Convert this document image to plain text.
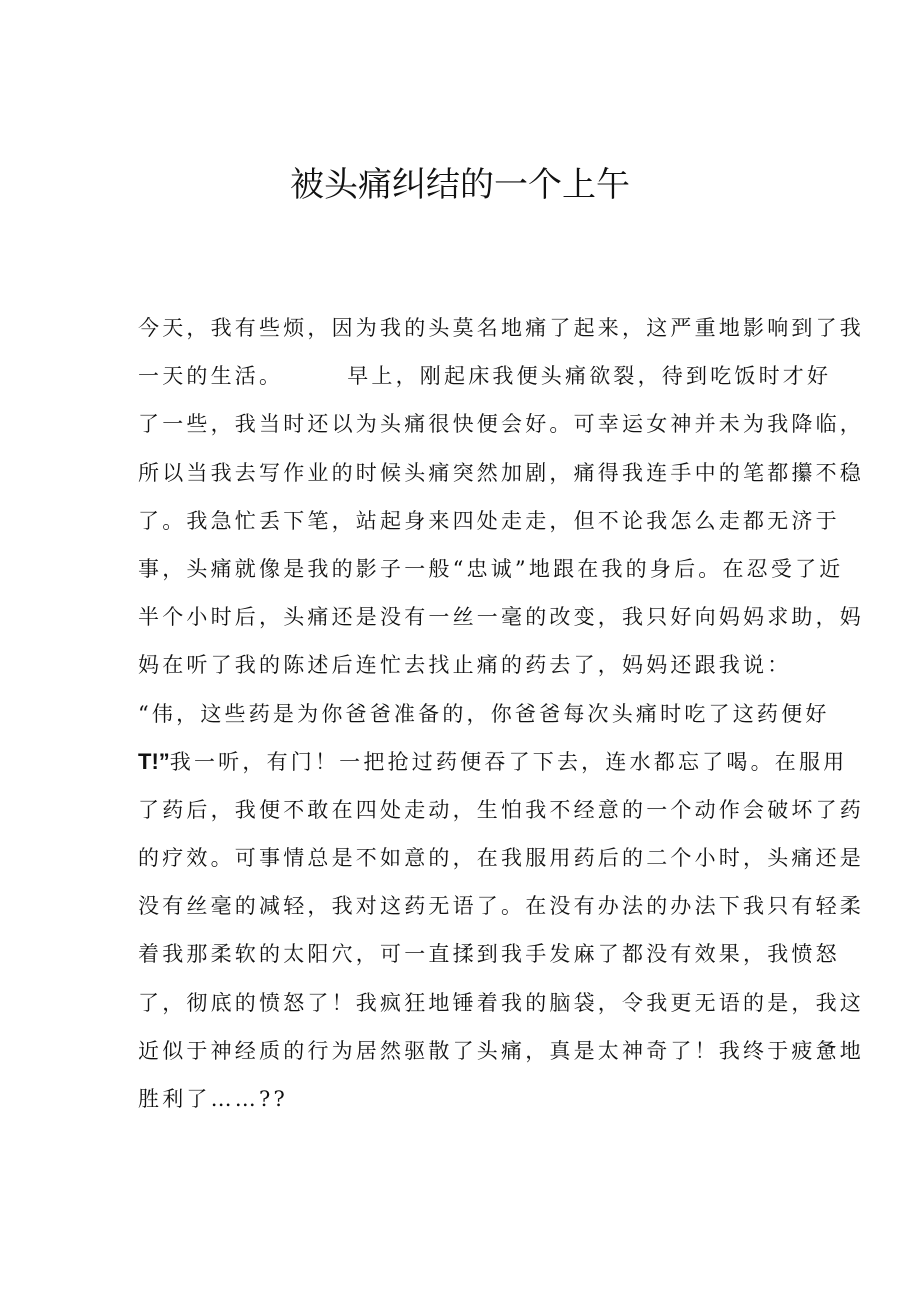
被头痛纠结的一个上午
今天，我有些烦，因为我的头莫名地痛了起来，这严重地影响到了我
一天的生活。	早上，刚起床我便头痛欲裂，待到吃饭时才好
了一些，我当时还以为头痛很快便会好。可幸运女神并未为我降临，
所以当我去写作业的时候头痛突然加剧，痛得我连手中的笔都攥不稳
了。我急忙丢下笔，站起身来四处走走，但不论我怎么走都无济于
事，头痛就像是我的影子一般“忠诚”地跟在我的身后。在忍受了近
半个小时后，头痛还是没有一丝一毫的改变，我只好向妈妈求助，妈
妈在听了我的陈述后连忙去找止痛的药去了，妈妈还跟我说：
“伟，这些药是为你爸爸准备的，你爸爸每次头痛时吃了这药便好
T!”我一听，有门！一把抢过药便吞了下去，连水都忘了喝。在服用
了药后，我便不敢在四处走动，生怕我不经意的一个动作会破坏了药
的疗效。可事情总是不如意的，在我服用药后的二个小时，头痛还是
没有丝毫的减轻，我对这药无语了。在没有办法的办法下我只有轻柔
着我那柔软的太阳穴，可一直揉到我手发麻了都没有效果，我愤怒
了，彻底的愤怒了！我疯狂地锤着我的脑袋，令我更无语的是，我这
近似于神经质的行为居然驱散了头痛，真是太神奇了！我终于疲惫地
胜利了……??
